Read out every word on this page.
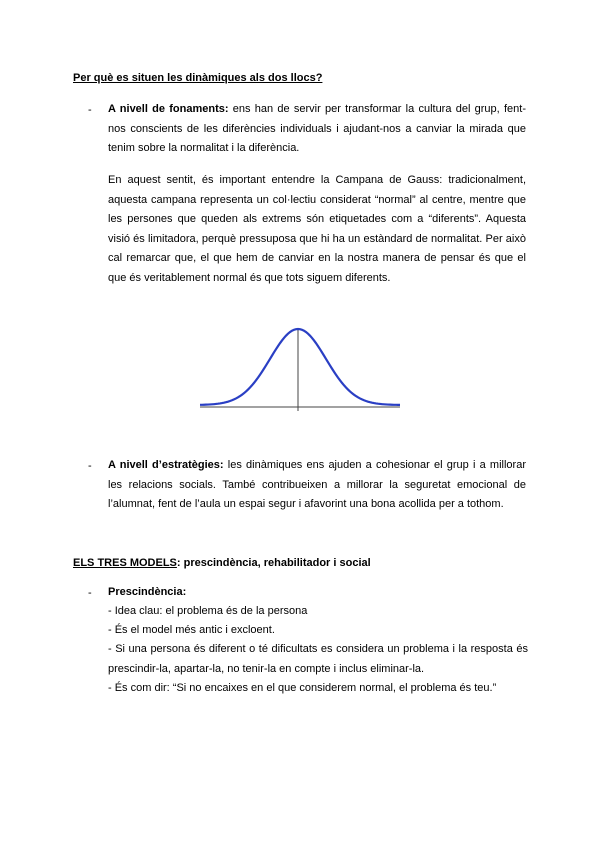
Per què es situen les dinàmiques als dos llocs?
- A nivell de fonaments: ens han de servir per transformar la cultura del grup, fent-nos conscients de les diferències individuals i ajudant-nos a canviar la mirada que tenim sobre la normalitat i la diferència.
En aquest sentit, és important entendre la Campana de Gauss: tradicionalment, aquesta campana representa un col·lectiu considerat “normal” al centre, mentre que les persones que queden als extrems són etiquetades com a “diferents”. Aquesta visió és limitadora, perquè pressuposa que hi ha un estàndard de normalitat. Per això cal remarcar que, el que hem de canviar en la nostra manera de pensar és que el que és veritablement normal és que tots siguem diferents.
- A nivell d’estratègies: les dinàmiques ens ajuden a cohesionar el grup i a millorar les relacions socials. També contribueixen a millorar la seguretat emocional de l’alumnat, fent de l’aula un espai segur i afavorint una bona acollida per a tothom.
ELS TRES MODELS: prescindència, rehabilitador i social
- Prescindència:
- Idea clau: el problema és de la persona
- És el model més antic i excloent.
- Si una persona és diferent o té dificultats es considera un problema i la resposta és prescindir-la, apartar-la, no tenir-la en compte i inclus eliminar-la.
- És com dir: “Si no encaixes en el que considerem normal, el problema és teu.”
